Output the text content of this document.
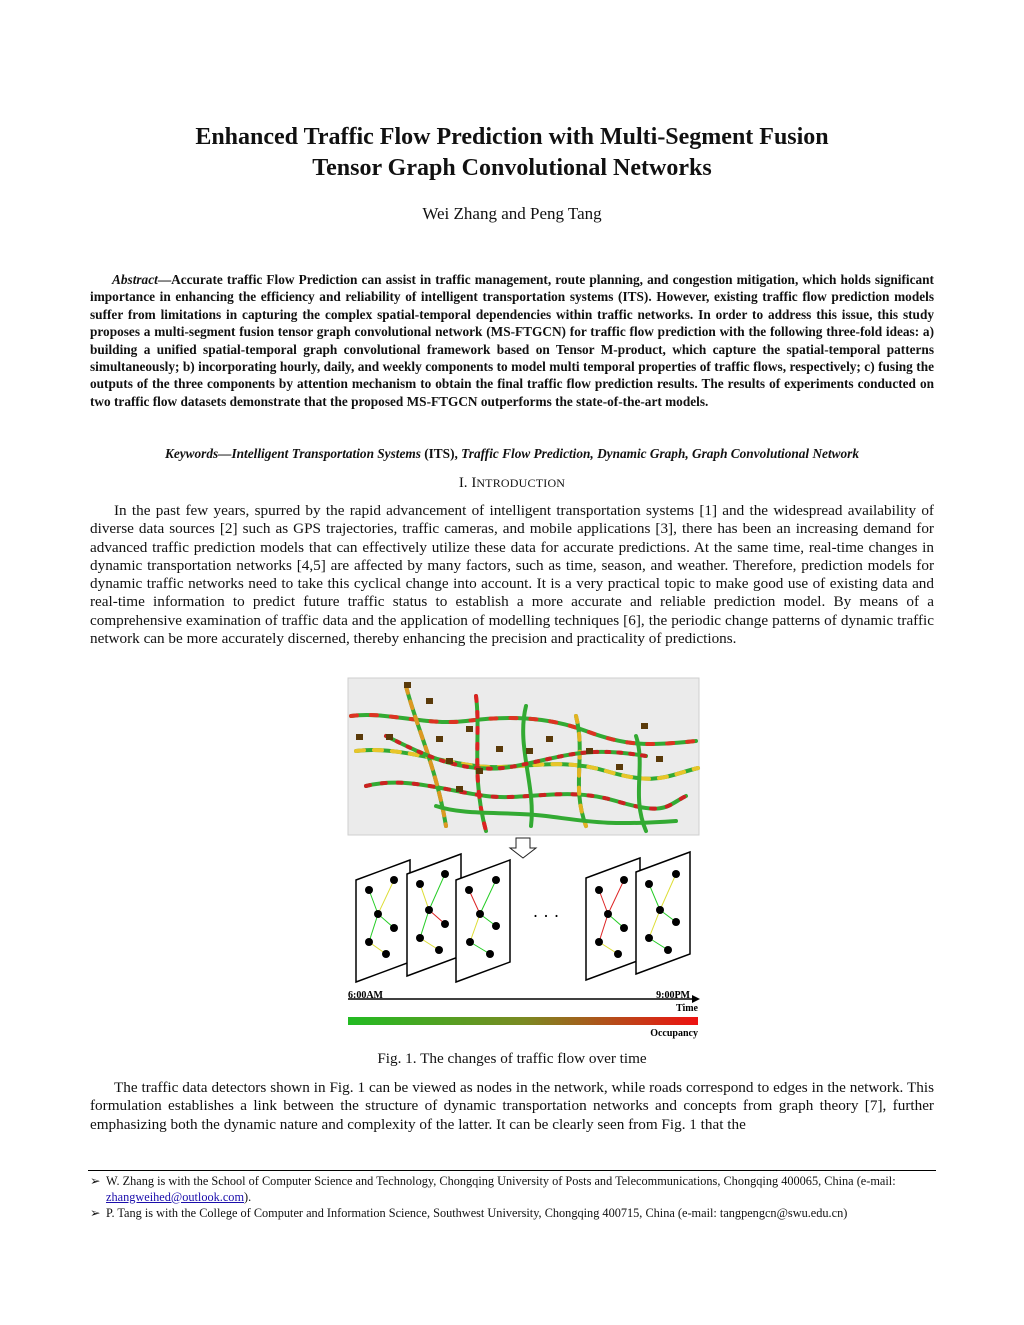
Enhanced Traffic Flow Prediction with Multi-Segment Fusion
Tensor Graph Convolutional Networks
Wei Zhang and Peng Tang
Abstract—Accurate traffic Flow Prediction can assist in traffic management, route planning, and congestion mitigation, which holds significant importance in enhancing the efficiency and reliability of intelligent transportation systems (ITS). However, existing traffic flow prediction models suffer from limitations in capturing the complex spatial-temporal dependencies within traffic networks. In order to address this issue, this study proposes a multi-segment fusion tensor graph convolutional network (MS-FTGCN) for traffic flow prediction with the following three-fold ideas: a) building a unified spatial-temporal graph convolutional framework based on Tensor M-product, which capture the spatial-temporal patterns simultaneously; b) incorporating hourly, daily, and weekly components to model multi temporal properties of traffic flows, respectively; c) fusing the outputs of the three components by attention mechanism to obtain the final traffic flow prediction results. The results of experiments conducted on two traffic flow datasets demonstrate that the proposed MS-FTGCN outperforms the state-of-the-art models.
Keywords—Intelligent Transportation Systems (ITS), Traffic Flow Prediction, Dynamic Graph, Graph Convolutional Network
I. INTRODUCTION
In the past few years, spurred by the rapid advancement of intelligent transportation systems [1] and the widespread availability of diverse data sources [2] such as GPS trajectories, traffic cameras, and mobile applications [3], there has been an increasing demand for advanced traffic prediction models that can effectively utilize these data for accurate predictions. At the same time, real-time changes in dynamic transportation networks [4,5] are affected by many factors, such as time, season, and weather. Therefore, prediction models for dynamic traffic networks need to take this cyclical change into account. It is a very practical topic to make good use of existing data and real-time information to predict future traffic status to establish a more accurate and reliable prediction model. By means of a comprehensive examination of traffic data and the application of modelling techniques [6], the periodic change patterns of dynamic traffic network can be more accurately discerned, thereby enhancing the precision and practicality of predictions.
· · ·
6:00AM	9:00PM
Time
Occupancy
Fig. 1. The changes of traffic flow over time
The traffic data detectors shown in Fig. 1 can be viewed as nodes in the network, while roads correspond to edges in the network. This formulation establishes a link between the structure of dynamic transportation networks and concepts from graph theory [7], further emphasizing both the dynamic nature and complexity of the latter. It can be clearly seen from Fig. 1 that the
➢ W. Zhang is with the School of Computer Science and Technology, Chongqing University of Posts and Telecommunications, Chongqing 400065, China (e-mail: zhangweihed@outlook.com).
➢ P. Tang is with the College of Computer and Information Science, Southwest University, Chongqing 400715, China (e-mail: tangpengcn@swu.edu.cn)
